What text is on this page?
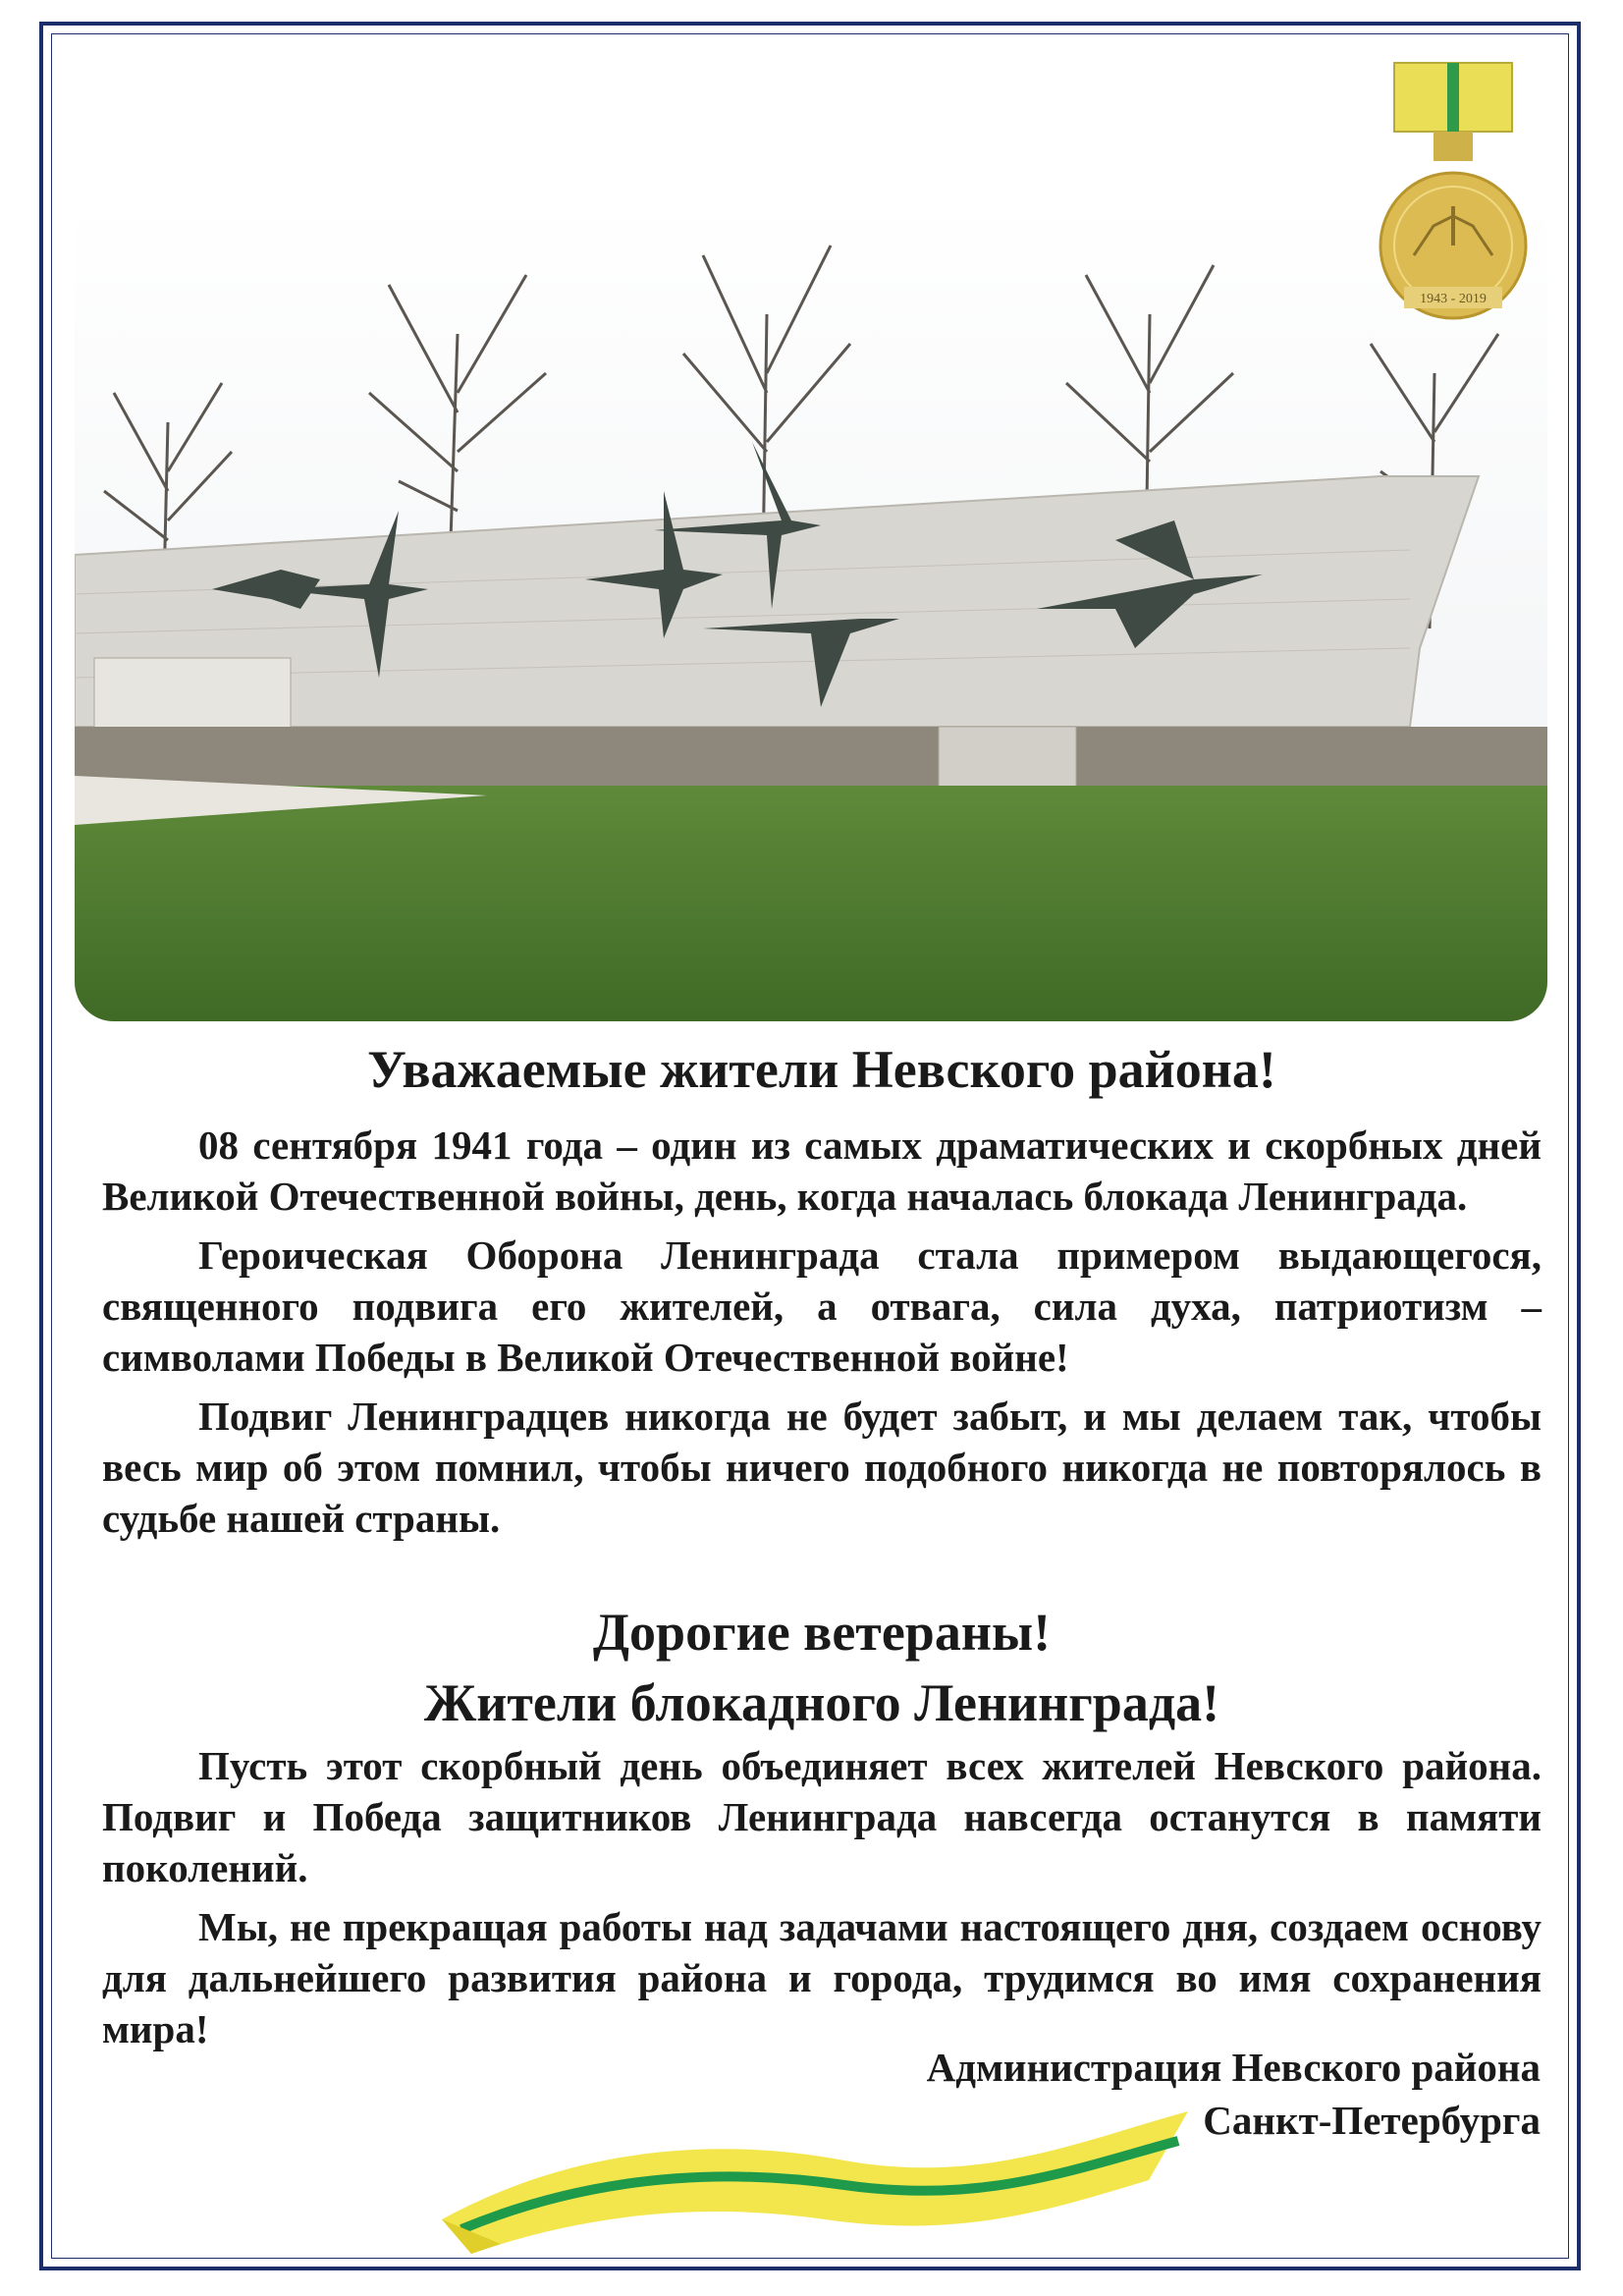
1943 - 2019
Уважаемые жители Невского района!

08 сентября 1941 года – один из самых драматических и скорбных дней Великой Отечественной войны, день, когда началась блокада Ленинграда.

Героическая Оборона Ленинграда стала примером выдающегося, священного подвига его жителей, а отвага, сила духа, патриотизм – символами Победы в Великой Отечественной войне!

Подвиг Ленинградцев никогда не будет забыт, и мы делаем так, чтобы весь мир об этом помнил, чтобы ничего подобного никогда не повторялось в судьбе нашей страны.

Дорогие ветераны!
Жители блокадного Ленинграда!

Пусть этот скорбный день объединяет всех жителей Невского района. Подвиг и Победа защитников Ленинграда навсегда останутся в памяти поколений.

Мы, не прекращая работы над задачами настоящего дня, создаем основу для дальнейшего развития района и города, трудимся во имя сохранения мира!

Администрация Невского района
Санкт-Петербурга
